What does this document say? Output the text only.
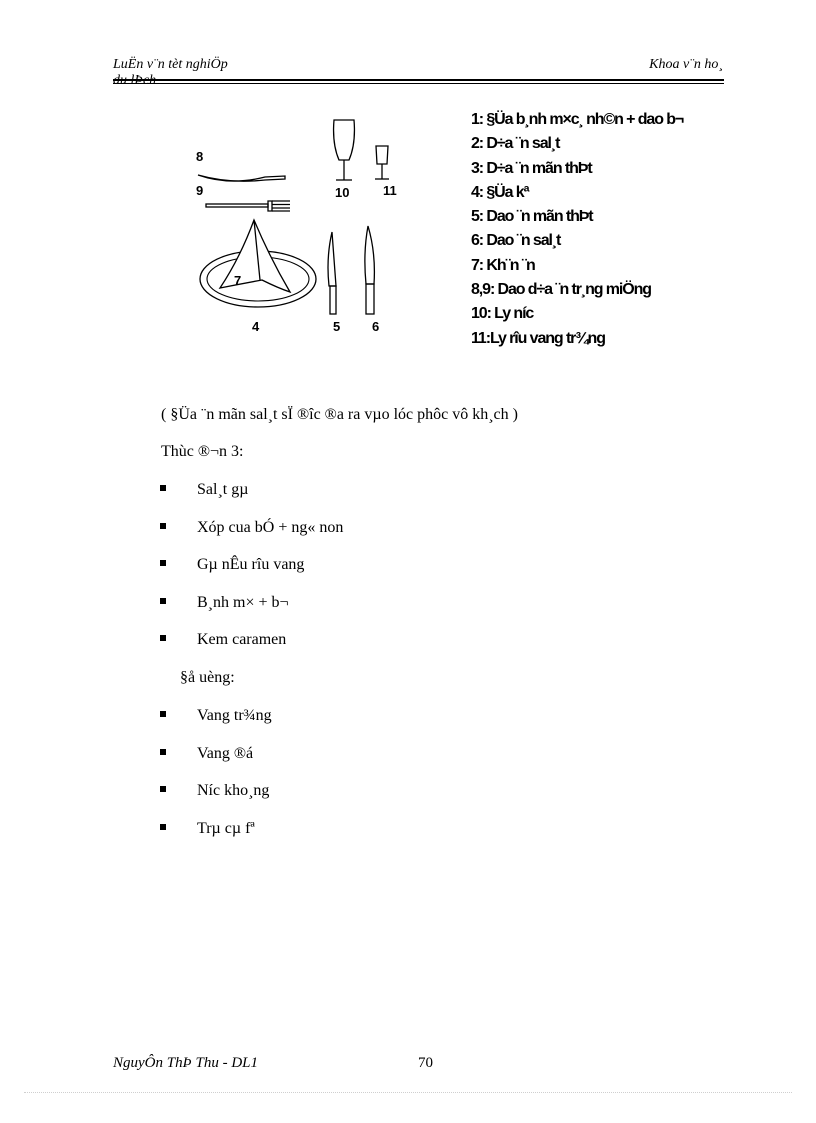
LuËn v¨n tèt nghiÖp	Khoa v¨n ho¸
8
9	10	11
7
4	5 6
1: §Üa b¸nh m×c¸ nh©n + dao b¬
2: D÷a ¨n sal¸t
3: D÷a ¨n mãn thÞt
4: §Üa kª
5: Dao ¨n mãn thÞt
6: Dao ¨n sal¸t
7: Kh¨n ¨n
8,9: Dao d÷a ¨n tr¸ng miÖng
10: Ly níc
11:Ly rîu vang tr¾ng
( §Üa ¨n mãn sal¸t sÏ ®îc ®a ra vµo lóc phôc vô kh¸ch )
Thùc ®¬n 3:
Sal¸t gµ
Xóp cua bÓ + ng« non
Gµ nÊu rîu vang
B¸nh m× + b¬
Kem caramen
§å uèng:
Vang tr¾ng
Vang ®á
Níc kho¸ng
Trµ cµ fª
NguyÔn ThÞ Thu - DL1	70
